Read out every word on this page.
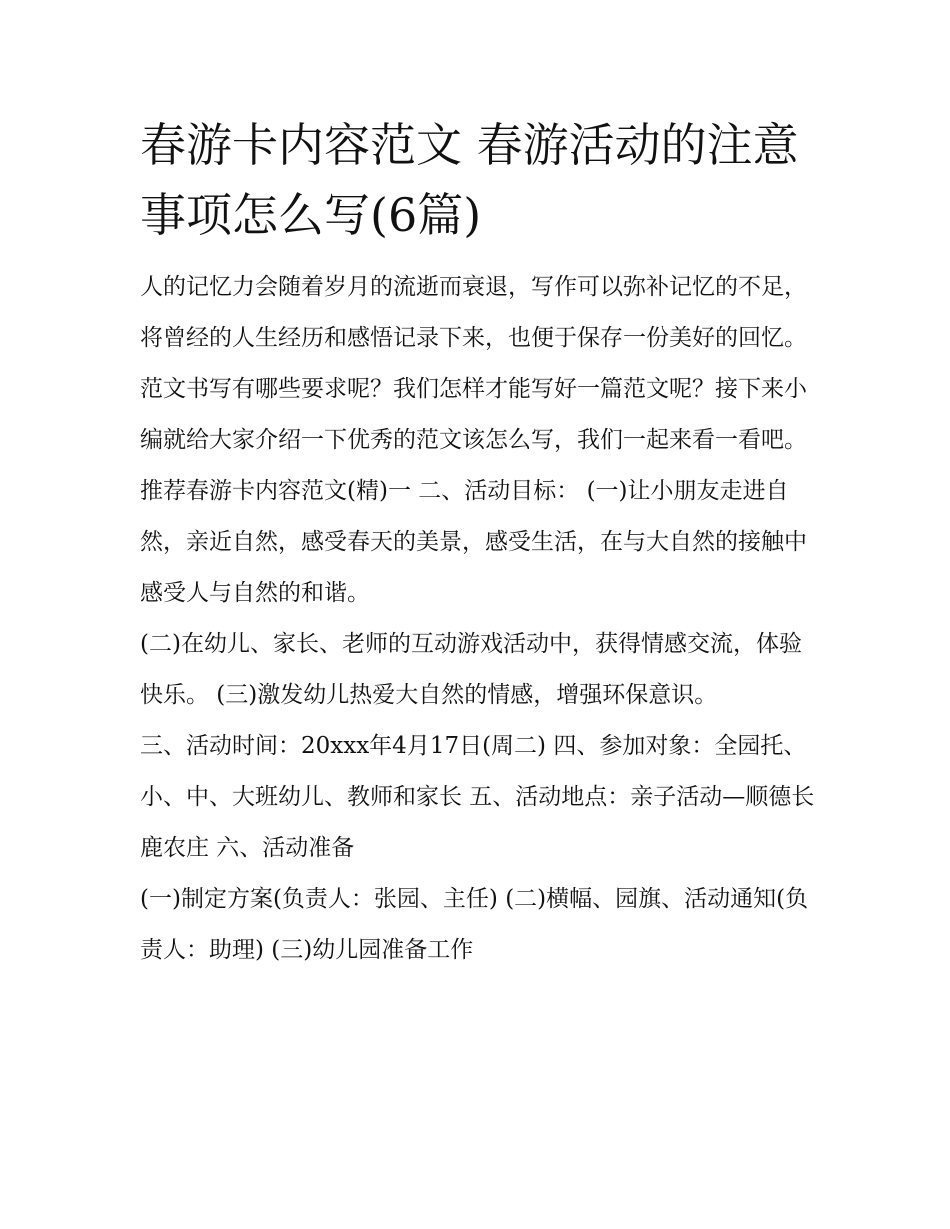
春游卡内容范文 春游活动的注意事项怎么写(6篇)

人的记忆力会随着岁月的流逝而衰退，写作可以弥补记忆的不足，将曾经的人生经历和感悟记录下来，也便于保存一份美好的回忆。范文书写有哪些要求呢？我们怎样才能写好一篇范文呢？接下来小编就给大家介绍一下优秀的范文该怎么写，我们一起来看一看吧。

推荐春游卡内容范文(精)一 二、活动目标： (一)让小朋友走进自然，亲近自然，感受春天的美景，感受生活，在与大自然的接触中感受人与自然的和谐。

(二)在幼儿、家长、老师的互动游戏活动中，获得情感交流，体验快乐。 (三)激发幼儿热爱大自然的情感，增强环保意识。

三、活动时间：20xxx年4月17日(周二) 四、参加对象：全园托、小、中、大班幼儿、教师和家长 五、活动地点：亲子活动—顺德长鹿农庄 六、活动准备

(一)制定方案(负责人：张园、主任) (二)横幅、园旗、活动通知(负责人：助理) (三)幼儿园准备工作
